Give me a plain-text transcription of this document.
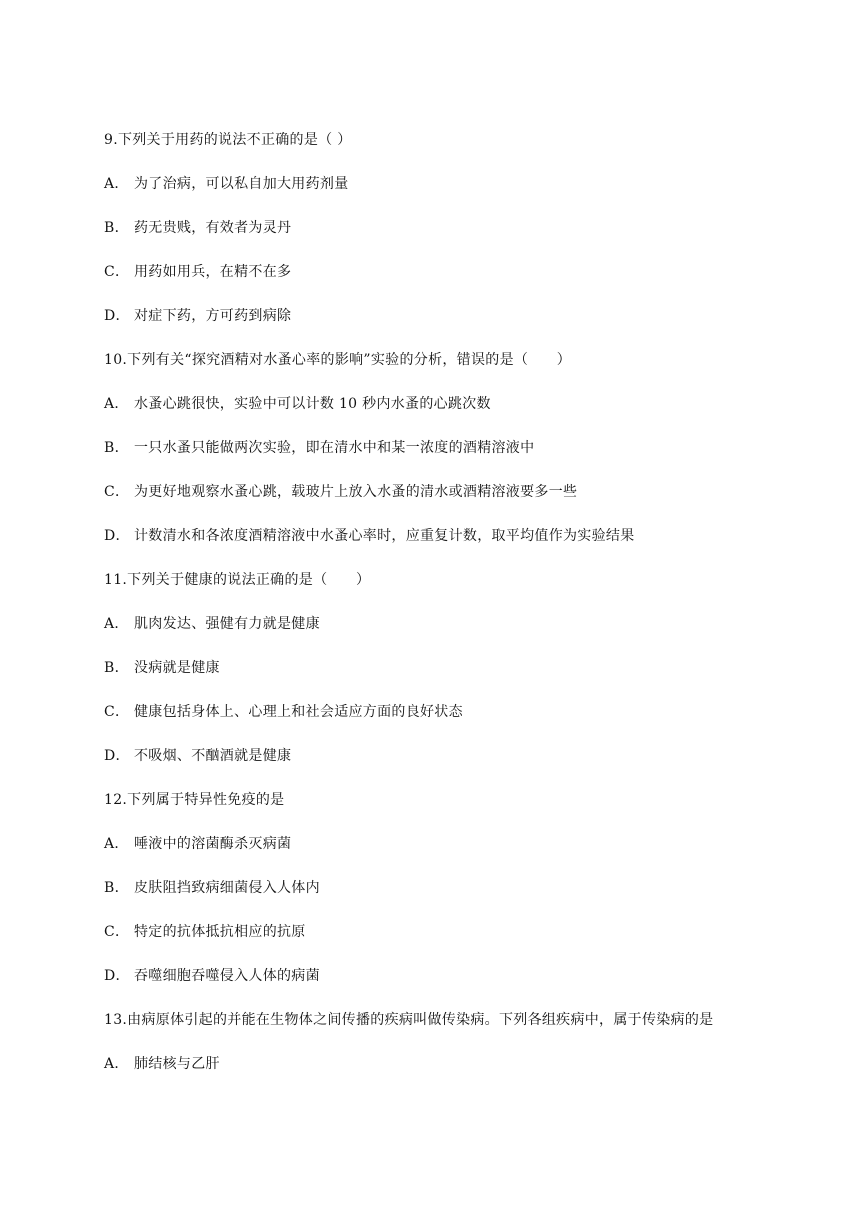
9.下列关于用药的说法不正确的是（ ）
A． 为了治病，可以私自加大用药剂量
B． 药无贵贱，有效者为灵丹
C． 用药如用兵，在精不在多
D． 对症下药，方可药到病除
10.下列有关“探究酒精对水蚤心率的影响”实验的分析，错误的是（　　）
A． 水蚤心跳很快，实验中可以计数 10 秒内水蚤的心跳次数
B． 一只水蚤只能做两次实验，即在清水中和某一浓度的酒精溶液中
C． 为更好地观察水蚤心跳，载玻片上放入水蚤的清水或酒精溶液要多一些
D． 计数清水和各浓度酒精溶液中水蚤心率时，应重复计数，取平均值作为实验结果
11.下列关于健康的说法正确的是（　　）
A． 肌肉发达、强健有力就是健康
B． 没病就是健康
C． 健康包括身体上、心理上和社会适应方面的良好状态
D． 不吸烟、不酗酒就是健康
12.下列属于特异性免疫的是
A． 唾液中的溶菌酶杀灭病菌
B． 皮肤阻挡致病细菌侵入人体内
C． 特定的抗体抵抗相应的抗原
D． 吞噬细胞吞噬侵入人体的病菌
13.由病原体引起的并能在生物体之间传播的疾病叫做传染病。下列各组疾病中，属于传染病的是
A． 肺结核与乙肝
